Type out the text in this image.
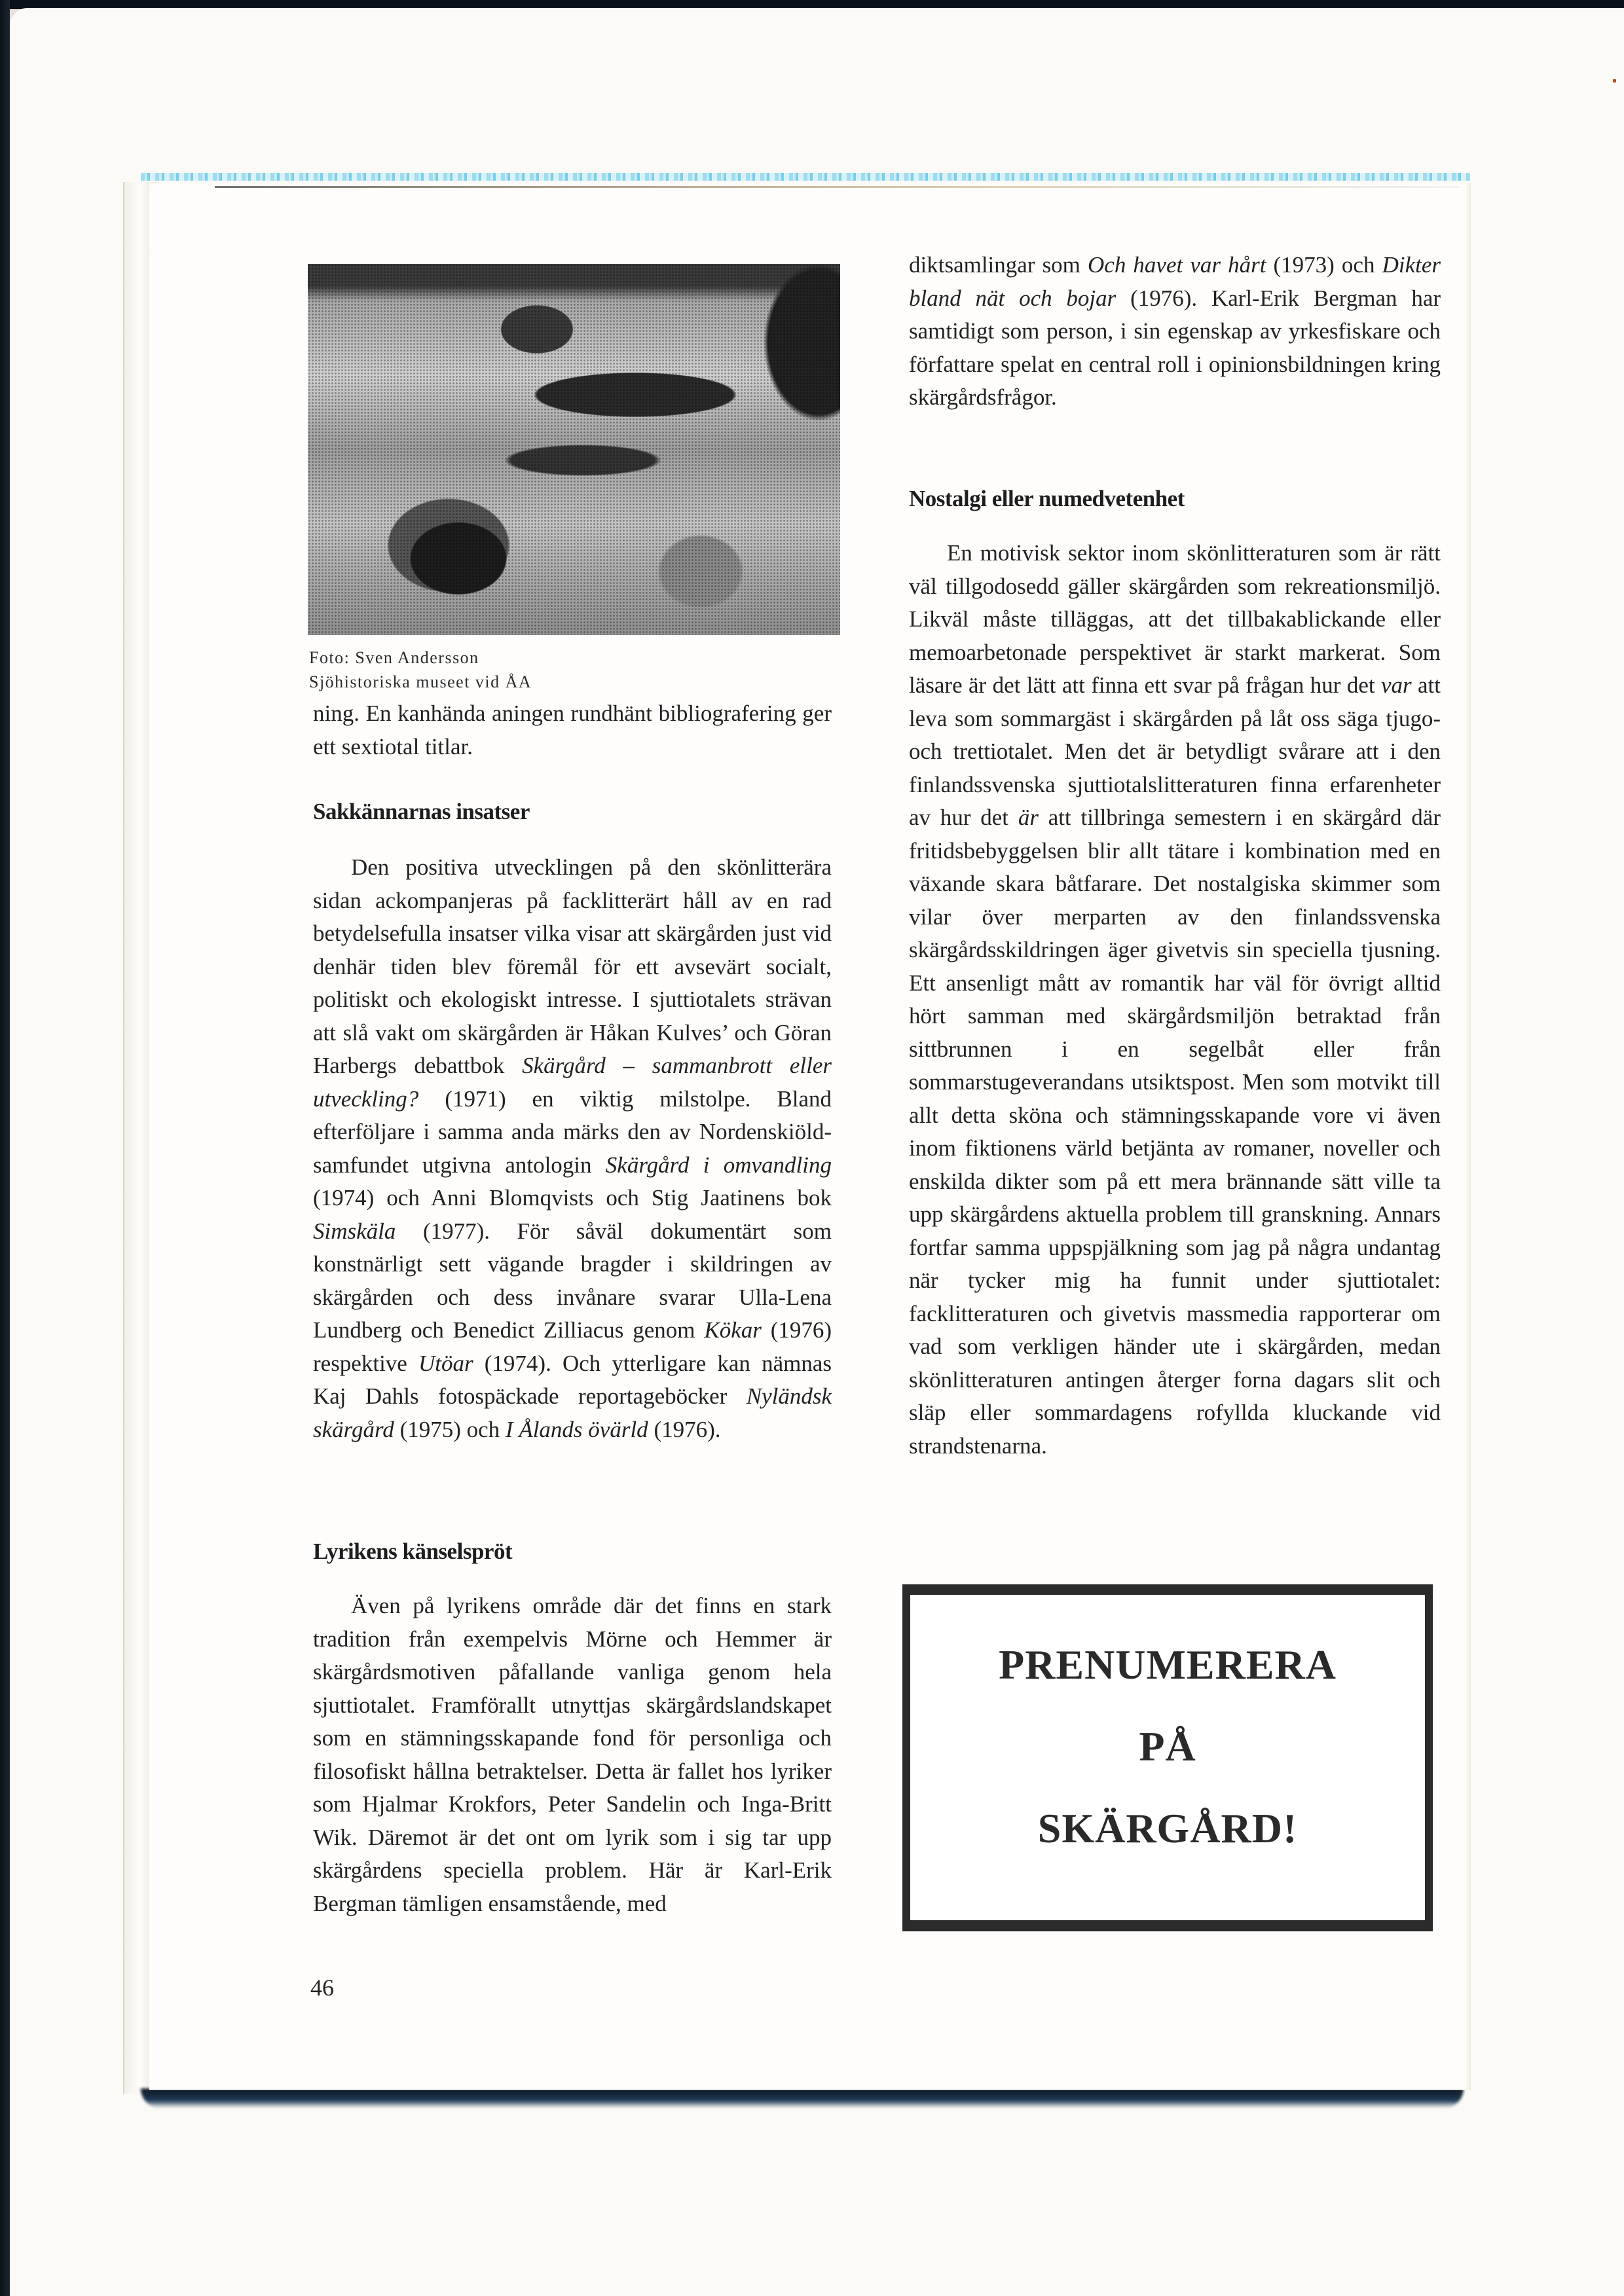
Foto: Sven Andersson
Sjöhistoriska museet vid ÅA

ning. En kanhända aningen rundhänt bibliografering ger ett sextiotal titlar.

Sakkännarnas insatser

Den positiva utvecklingen på den skönlitterära sidan ackompanjeras på facklitterärt håll av en rad betydelsefulla insatser vilka visar att skärgården just vid denhär tiden blev föremål för ett avsevärt socialt, politiskt och ekologiskt intresse. I sjuttiotalets strävan att slå vakt om skärgården är Håkan Kulves’ och Göran Harbergs debattbok Skärgård – sammanbrott eller utveckling? (1971) en viktig milstolpe. Bland efterföljare i samma anda märks den av Nordenskiöld-samfundet utgivna antologin Skärgård i omvandling (1974) och Anni Blomqvists och Stig Jaatinens bok Simskäla (1977). För såväl dokumentärt som konstnärligt sett vägande bragder i skildringen av skärgården och dess invånare svarar Ulla-Lena Lundberg och Benedict Zilliacus genom Kökar (1976) respektive Utöar (1974). Och ytterligare kan nämnas Kaj Dahls fotospäckade reportageböcker Nyländsk skärgård (1975) och I Ålands övärld (1976).

Lyrikens känselspröt

Även på lyrikens område där det finns en stark tradition från exempelvis Mörne och Hemmer är skärgårdsmotiven påfallande vanliga genom hela sjuttiotalet. Framförallt utnyttjas skärgårdslandskapet som en stämningsskapande fond för personliga och filosofiskt hållna betraktelser. Detta är fallet hos lyriker som Hjalmar Krokfors, Peter Sandelin och Inga-Britt Wik. Däremot är det ont om lyrik som i sig tar upp skärgårdens speciella problem. Här är Karl-Erik Bergman tämligen ensamstående, med

46

diktsamlingar som Och havet var hårt (1973) och Dikter bland nät och bojar (1976). Karl-Erik Bergman har samtidigt som person, i sin egenskap av yrkesfiskare och författare spelat en central roll i opinionsbildningen kring skärgårdsfrågor.

Nostalgi eller numedvetenhet

En motivisk sektor inom skönlitteraturen som är rätt väl tillgodosedd gäller skärgården som rekreationsmiljö. Likväl måste tilläggas, att det tillbakablickande eller memoarbetonade perspektivet är starkt markerat. Som läsare är det lätt att finna ett svar på frågan hur det var att leva som sommargäst i skärgården på låt oss säga tjugo- och trettiotalet. Men det är betydligt svårare att i den finlandssvenska sjuttiotalslitteraturen finna erfarenheter av hur det är att tillbringa semestern i en skärgård där fritidsbebyggelsen blir allt tätare i kombination med en växande skara båtfarare. Det nostalgiska skimmer som vilar över merparten av den finlandssvenska skärgårdsskildringen äger givetvis sin speciella tjusning. Ett ansenligt mått av romantik har väl för övrigt alltid hört samman med skärgårdsmiljön betraktad från sittbrunnen i en segelbåt eller från sommarstugeverandans utsiktspost. Men som motvikt till allt detta sköna och stämningsskapande vore vi även inom fiktionens värld betjänta av romaner, noveller och enskilda dikter som på ett mera brännande sätt ville ta upp skärgårdens aktuella problem till granskning. Annars fortfar samma uppspjälkning som jag på några undantag när tycker mig ha funnit under sjuttiotalet: facklitteraturen och givetvis massmedia rapporterar om vad som verkligen händer ute i skärgården, medan skönlitteraturen antingen återger forna dagars slit och släp eller sommardagens rofyllda kluckande vid strandstenarna.

PRENUMERERA
PÅ
SKÄRGÅRD!
